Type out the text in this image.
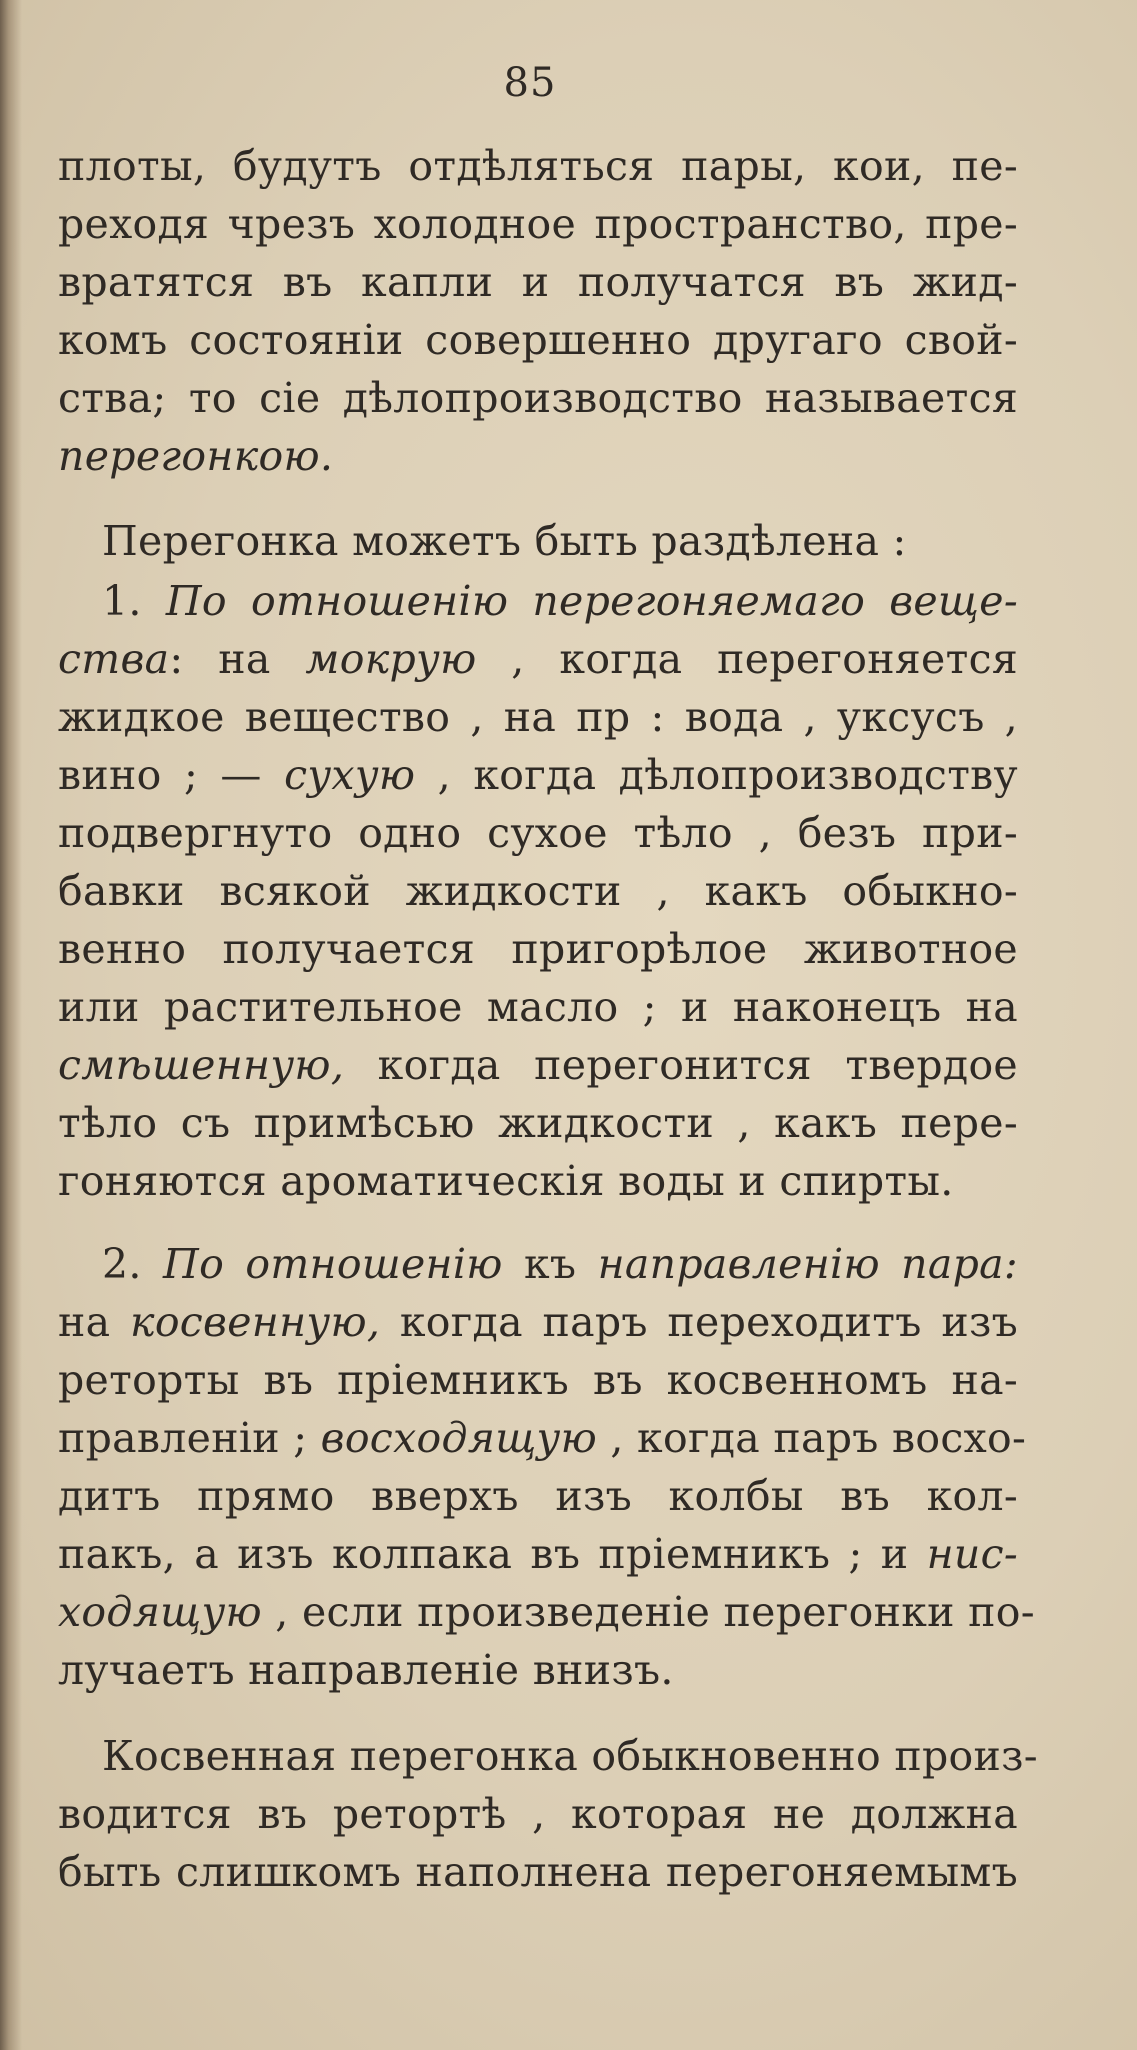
85
плоты, будутъ отдѣляться пары, кои, пе-
реходя чрезъ холодное пространство, пре-
вратятся въ капли и получатся въ жид-
комъ состоянiи совершенно другаго свой-
ства; то сiе дѣлопроизводство называется
перегонкою.
Перегонка можетъ быть раздѣлена :
1. По отношенiю перегоняемаго веще-
ства: на мокрую , когда перегоняется
жидкое вещество , на пр : вода , уксусъ ,
вино ; — сухую , когда дѣлопроизводству
подвергнуто одно сухое тѣло , безъ при-
бавки всякой жидкости , какъ обыкно-
венно получается пригорѣлое животное
или растительное масло ; и наконецъ на
смѣшенную, когда перегонится твердое
тѣло съ примѣсью жидкости , какъ пере-
гоняются ароматическiя воды и спирты.
2. По отношенiю къ направленiю пара:
на косвенную, когда паръ переходитъ изъ
реторты въ прiемникъ въ косвенномъ на-
правленiи ; восходящую , когда паръ восхо-
дитъ прямо вверхъ изъ колбы въ кол-
пакъ, а изъ колпака въ прiемникъ ; и нис-
ходящую , если произведенiе перегонки по-
лучаетъ направленiе внизъ.
Косвенная перегонка обыкновенно произ-
водится въ ретортѣ , которая не должна
быть слишкомъ наполнена перегоняемымъ
